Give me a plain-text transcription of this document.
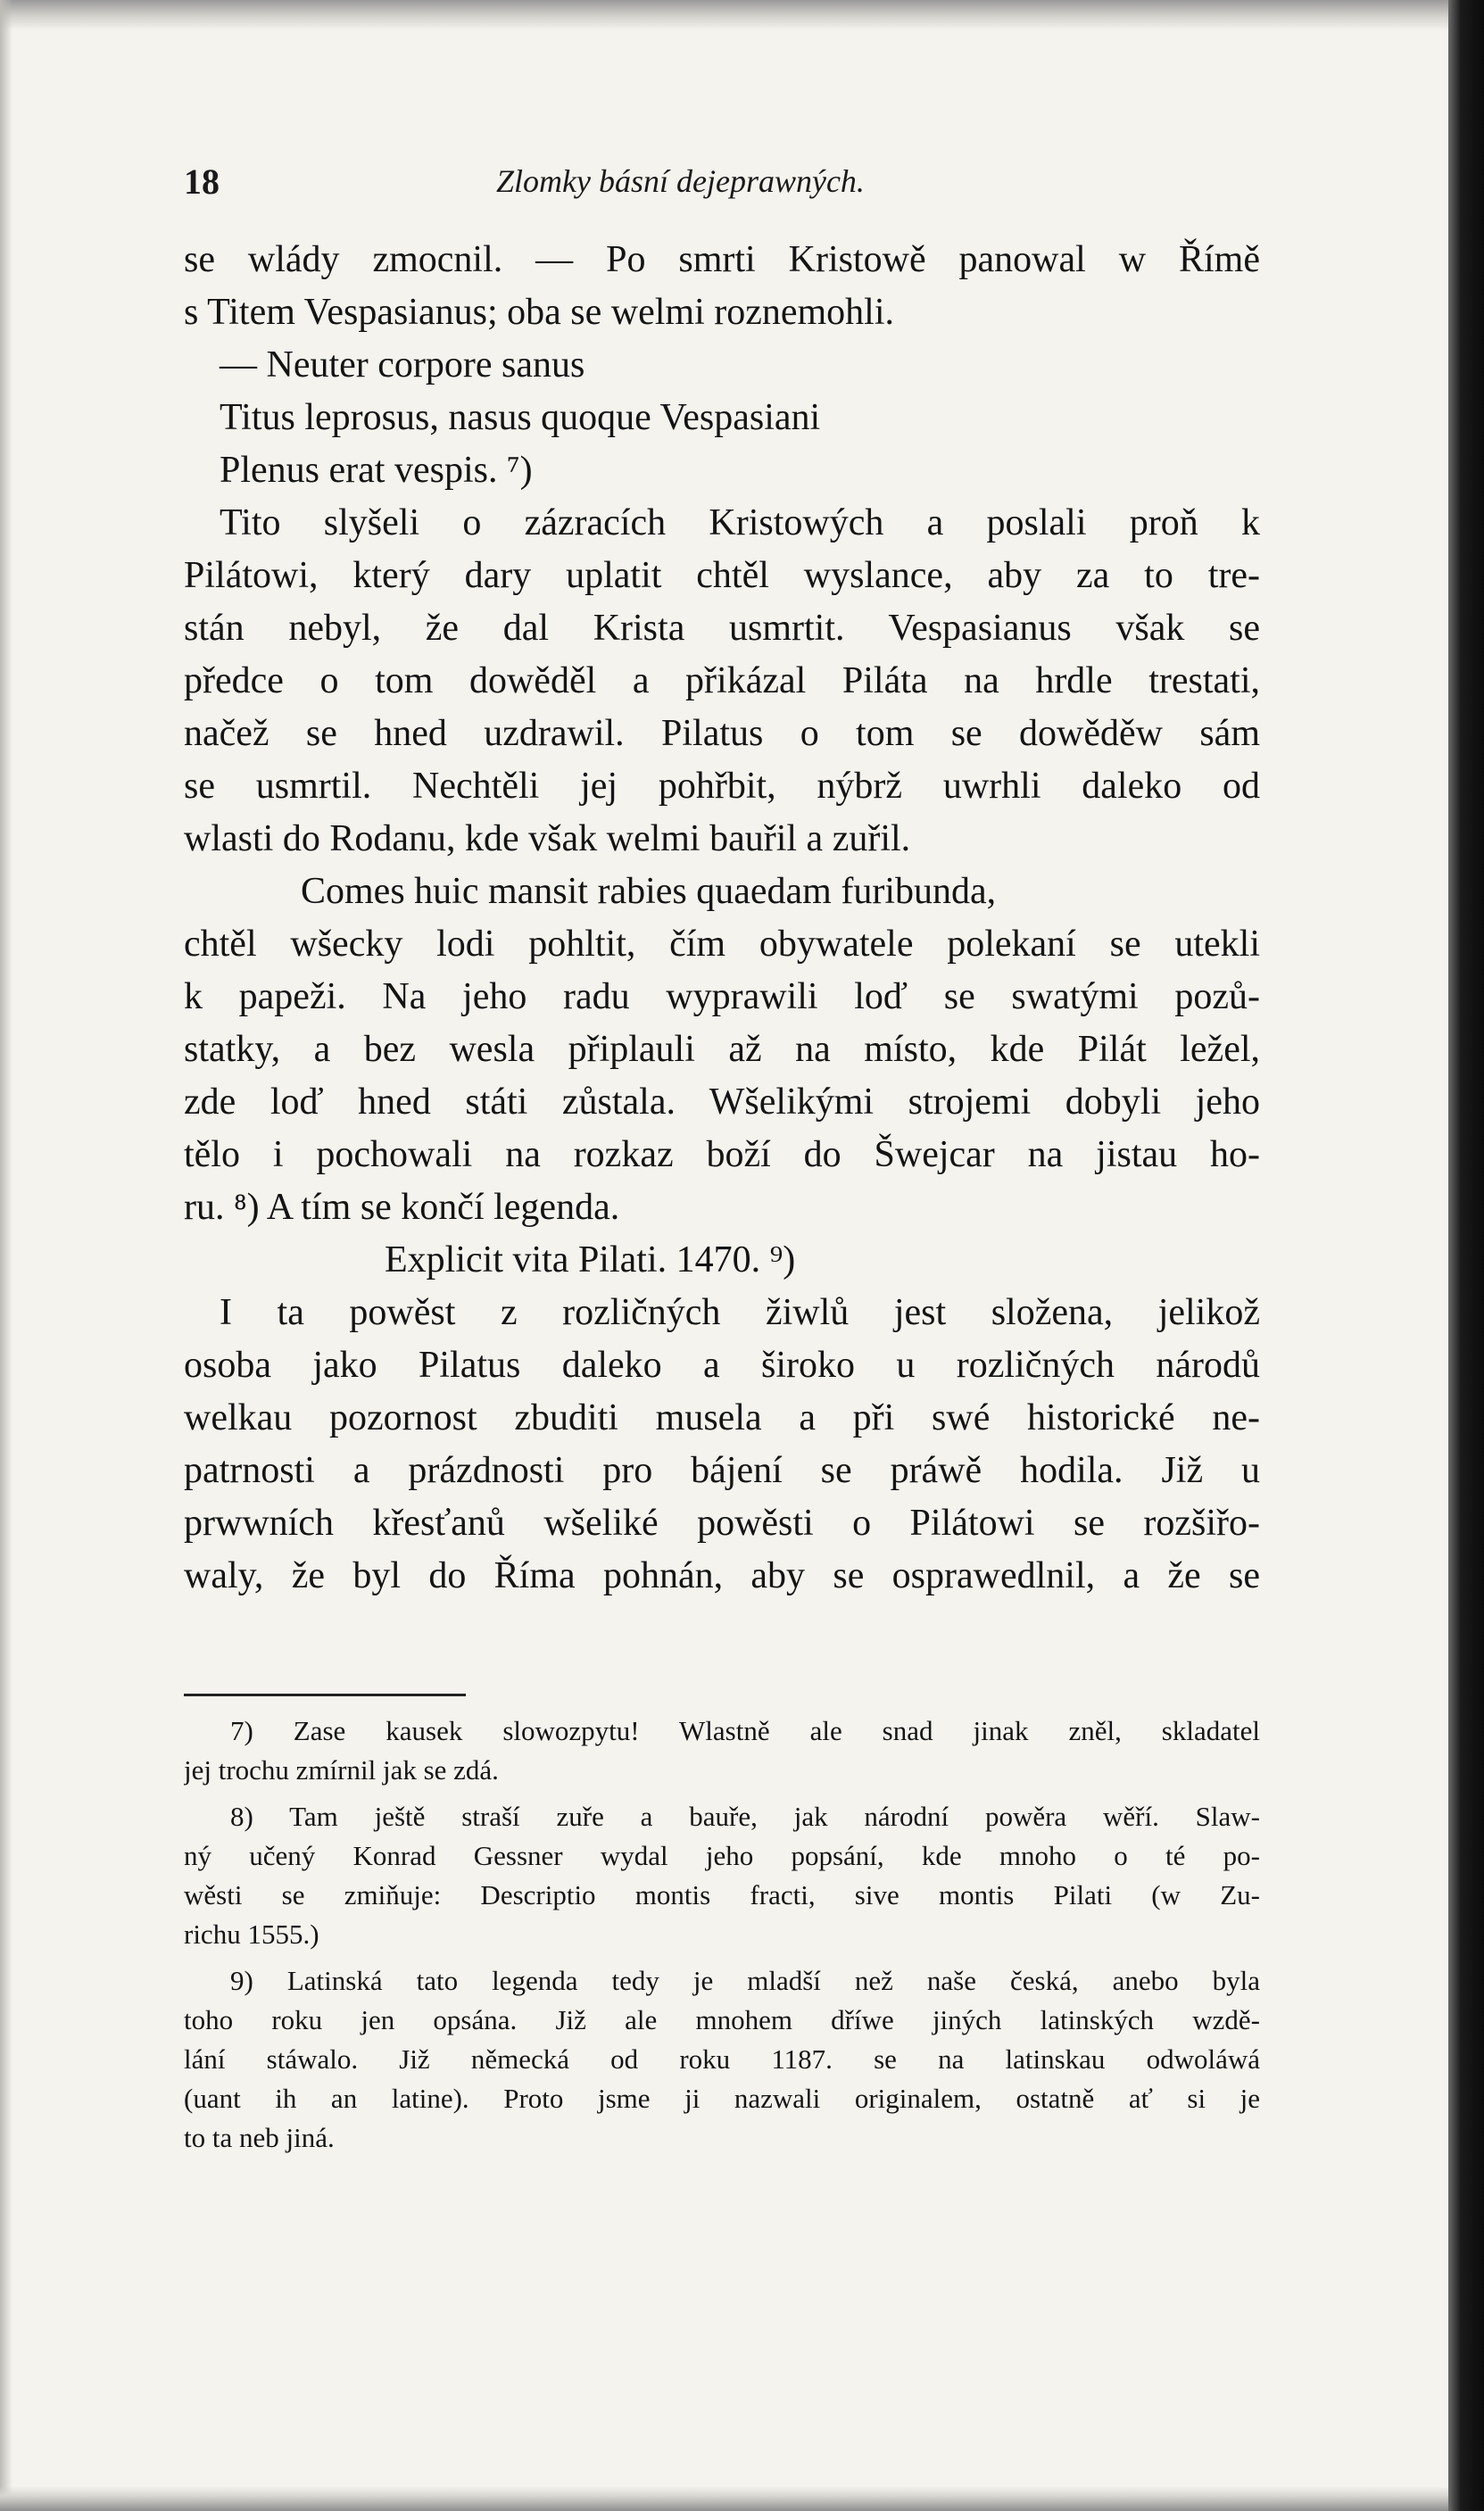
18	Zlomky básní dejeprawných.
se wlády zmocnil. — Po smrti Kristowě panowal w Římě
s Titem Vespasianus; oba se welmi roznemohli.
— Neuter corpore sanus
Titus leprosus, nasus quoque Vespasiani
Plenus erat vespis. ⁷)
Tito slyšeli o zázracích Kristowých a poslali proň k
Pilátowi, který dary uplatit chtěl wyslance, aby za to tre-
stán nebyl, že dal Krista usmrtit. Vespasianus však se
předce o tom dowěděl a přikázal Piláta na hrdle trestati,
načež se hned uzdrawil. Pilatus o tom se dowěděw sám
se usmrtil. Nechtěli jej pohřbit, nýbrž uwrhli daleko od
wlasti do Rodanu, kde však welmi bauřil a zuřil.
Comes huic mansit rabies quaedam furibunda,
chtěl wšecky lodi pohltit, čím obywatele polekaní se utekli
k papeži. Na jeho radu wyprawili loď se swatými pozů-
statky, a bez wesla připlauli až na místo, kde Pilát ležel,
zde loď hned státi zůstala. Wšelikými strojemi dobyli jeho
tělo i pochowali na rozkaz boží do Šwejcar na jistau ho-
ru. ⁸) A tím se končí legenda.
Explicit vita Pilati. 1470. ⁹)
I ta powěst z rozličných žiwlů jest složena, jelikož
osoba jako Pilatus daleko a široko u rozličných národů
welkau pozornost zbuditi musela a při swé historické ne-
patrnosti a prázdnosti pro bájení se práwě hodila. Již u
prwwních křesťanů wšeliké powěsti o Pilátowi se rozšiřo-
waly, že byl do Říma pohnán, aby se osprawedlnil, a že se
7) Zase kausek slowozpytu! Wlastně ale snad jinak zněl, skladatel
jej trochu zmírnil jak se zdá.
8) Tam ještě straší zuře a bauře, jak národní powěra wěří. Slaw-
ný učený Konrad Gessner wydal jeho popsání, kde mnoho o té po-
wěsti se zmiňuje: Descriptio montis fracti, sive montis Pilati (w Zu-
richu 1555.)
9) Latinská tato legenda tedy je mladší než naše česká, anebo byla
toho roku jen opsána. Již ale mnohem dříwe jiných latinských wzdě-
lání stáwalo. Již německá od roku 1187. se na latinskau odwoláwá
(uant ih an latine). Proto jsme ji nazwali originalem, ostatně ať si je
to ta neb jiná.
